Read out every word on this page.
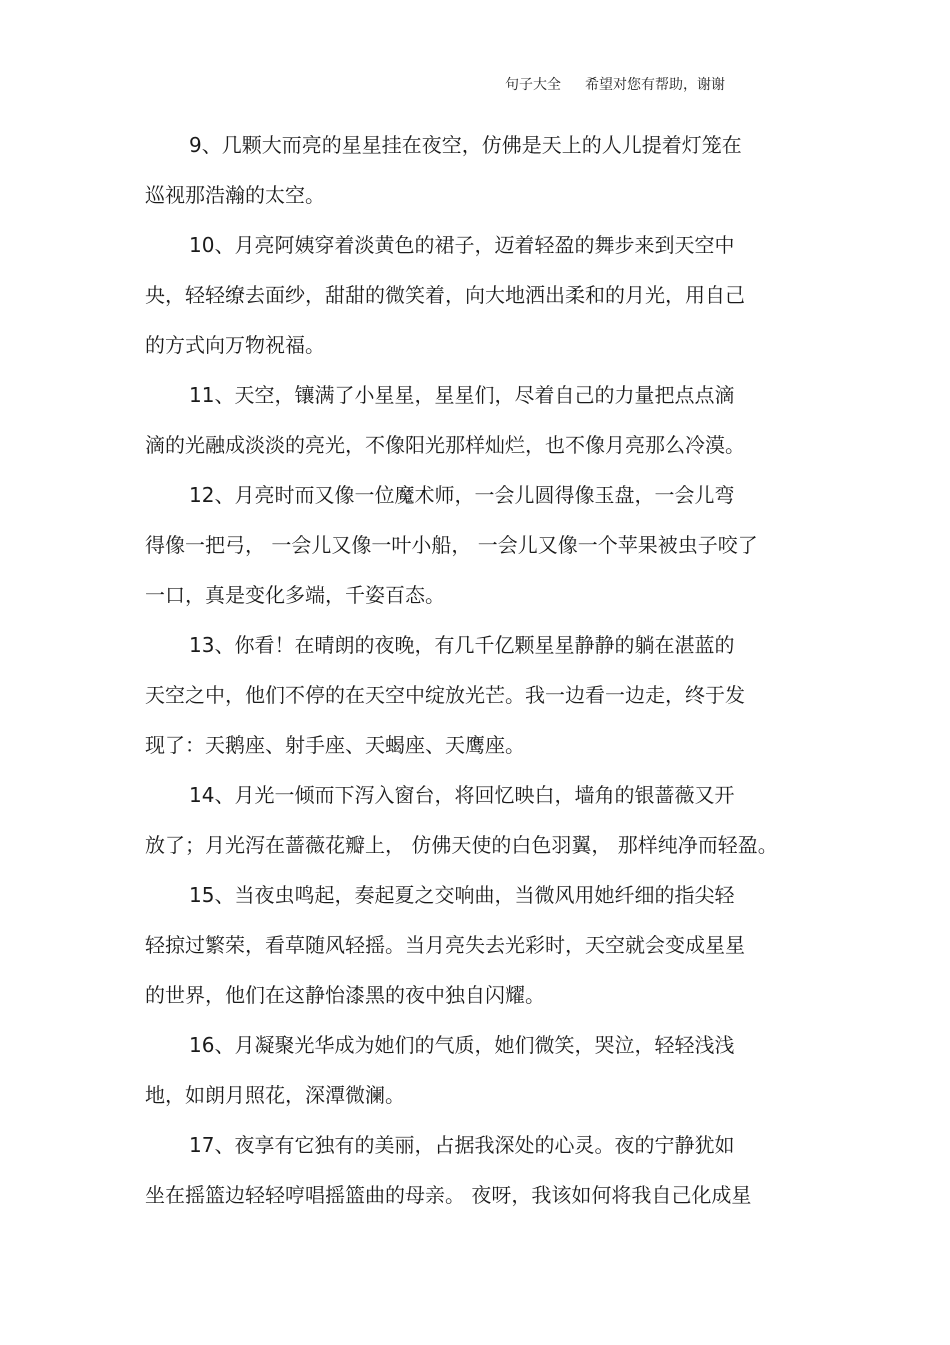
句子大全 希望对您有帮助，谢谢
9、几颗大而亮的星星挂在夜空，仿佛是天上的人儿提着灯笼在
巡视那浩瀚的太空。
10、月亮阿姨穿着淡黄色的裙子，迈着轻盈的舞步来到天空中
央，轻轻缭去面纱，甜甜的微笑着，向大地洒出柔和的月光，用自己
的方式向万物祝福。
11、天空，镶满了小星星，星星们，尽着自己的力量把点点滴
滴的光融成淡淡的亮光，不像阳光那样灿烂，也不像月亮那么冷漠。
12、月亮时而又像一位魔术师，一会儿圆得像玉盘，一会儿弯
得像一把弓， 一会儿又像一叶小船， 一会儿又像一个苹果被虫子咬了
一口，真是变化多端，千姿百态。
13、你看！在晴朗的夜晚，有几千亿颗星星静静的躺在湛蓝的
天空之中，他们不停的在天空中绽放光芒。我一边看一边走，终于发
现了：天鹅座、射手座、天蝎座、天鹰座。
14、月光一倾而下泻入窗台，将回忆映白，墙角的银蔷薇又开
放了；月光泻在蔷薇花瓣上， 仿佛天使的白色羽翼， 那样纯净而轻盈。
15、当夜虫鸣起，奏起夏之交响曲，当微风用她纤细的指尖轻
轻掠过繁荣，看草随风轻摇。当月亮失去光彩时，天空就会变成星星
的世界，他们在这静怡漆黑的夜中独自闪耀。
16、月凝聚光华成为她们的气质，她们微笑，哭泣，轻轻浅浅
地，如朗月照花，深潭微澜。
17、夜享有它独有的美丽，占据我深处的心灵。夜的宁静犹如
坐在摇篮边轻轻哼唱摇篮曲的母亲。 夜呀，我该如何将我自己化成星
